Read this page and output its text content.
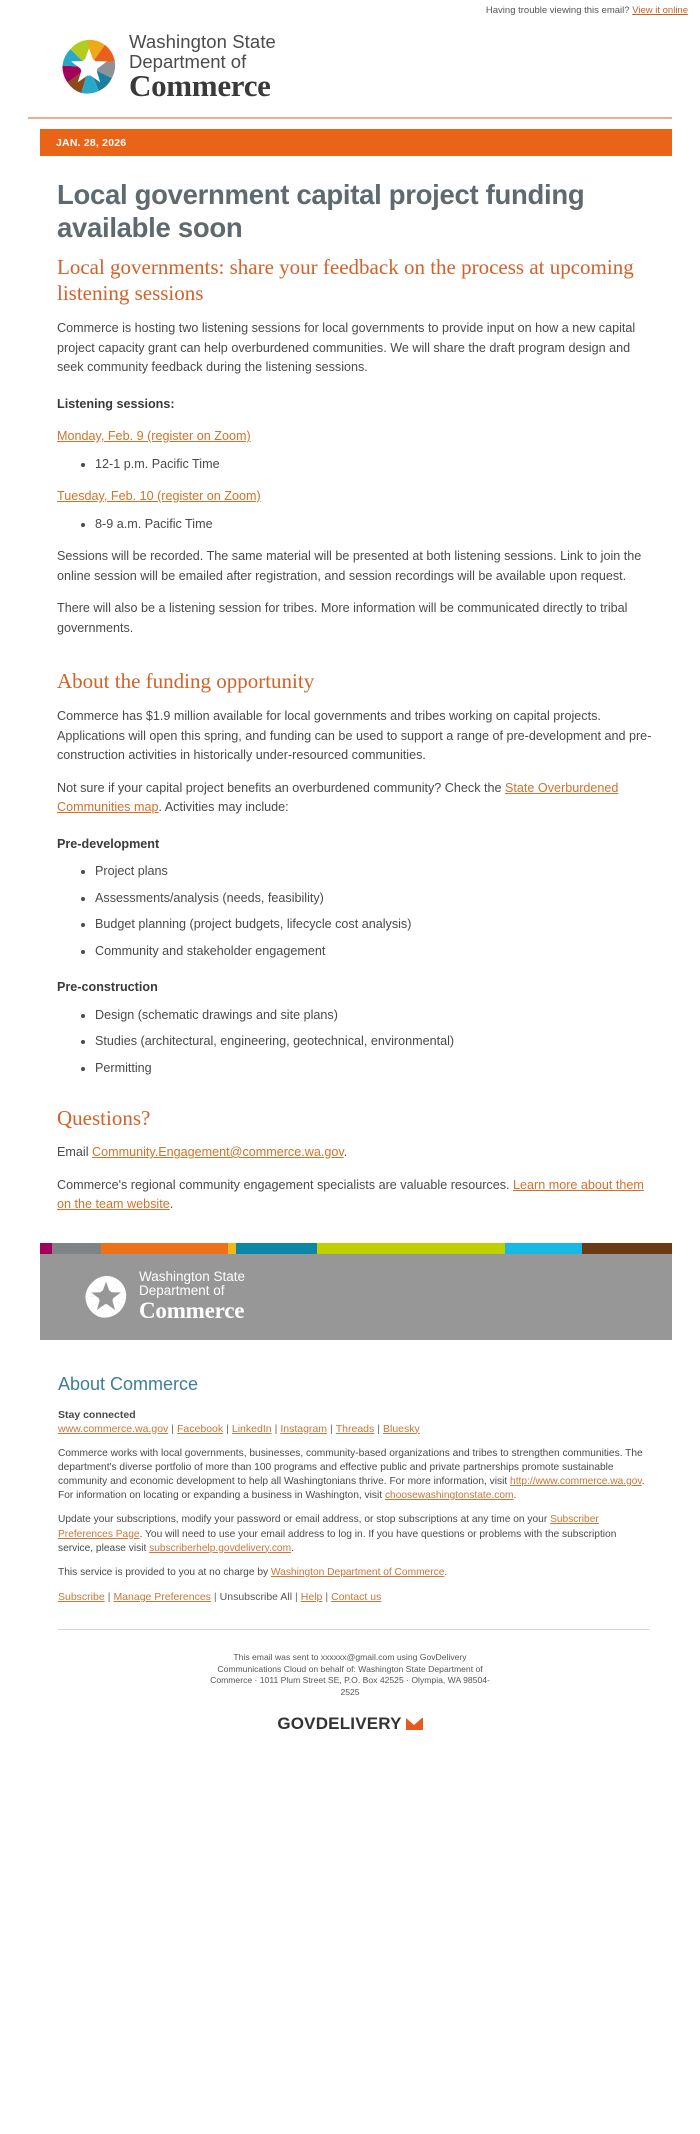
Having trouble viewing this email? View it online
Washington State
Department of
Commerce
JAN. 28, 2026
Local government capital project funding available soon
Local governments: share your feedback on the process at upcoming listening sessions

Commerce is hosting two listening sessions for local governments to provide input on how a new capital project capacity grant can help overburdened communities. We will share the draft program design and seek community feedback during the listening sessions.

Listening sessions:

Monday, Feb. 9 (register on Zoom)

• 12-1 p.m. Pacific Time

Tuesday, Feb. 10 (register on Zoom)

• 8-9 a.m. Pacific Time

Sessions will be recorded. The same material will be presented at both listening sessions. Link to join the online session will be emailed after registration, and session recordings will be available upon request.

There will also be a listening session for tribes. More information will be communicated directly to tribal governments.

About the funding opportunity

Commerce has $1.9 million available for local governments and tribes working on capital projects. Applications will open this spring, and funding can be used to support a range of pre-development and pre-construction activities in historically under-resourced communities.

Not sure if your capital project benefits an overburdened community? Check the State Overburdened Communities map. Activities may include:

Pre-development

• Project plans
• Assessments/analysis (needs, feasibility)
• Budget planning (project budgets, lifecycle cost analysis)
• Community and stakeholder engagement

Pre-construction

• Design (schematic drawings and site plans)
• Studies (architectural, engineering, geotechnical, environmental)
• Permitting
Questions?

Email Community.Engagement@commerce.wa.gov.

Commerce's regional community engagement specialists are valuable resources. Learn more about them on the team website.

Washington State
Department of
Commerce
About Commerce
Stay connected
www.commerce.wa.gov | Facebook | LinkedIn | Instagram | Threads | Bluesky

Commerce works with local governments, businesses, community-based organizations and tribes to strengthen communities. The department's diverse portfolio of more than 100 programs and effective public and private partnerships promote sustainable community and economic development to help all Washingtonians thrive. For more information, visit http://www.commerce.wa.gov. For information on locating or expanding a business in Washington, visit choosewashingtonstate.com.

Update your subscriptions, modify your password or email address, or stop subscriptions at any time on your Subscriber Preferences Page. You will need to use your email address to log in. If you have questions or problems with the subscription service, please visit subscriberhelp.govdelivery.com.

This service is provided to you at no charge by Washington Department of Commerce.

Subscribe | Manage Preferences | Unsubscribe All | Help | Contact us

This email was sent to xxxxxx@gmail.com using GovDelivery

Communications Cloud on behalf of: Washington State Department of

Commerce · 1011 Plum Street SE, P.O. Box 42525 · Olympia, WA 98504-

2525

GOVDELIVERY
